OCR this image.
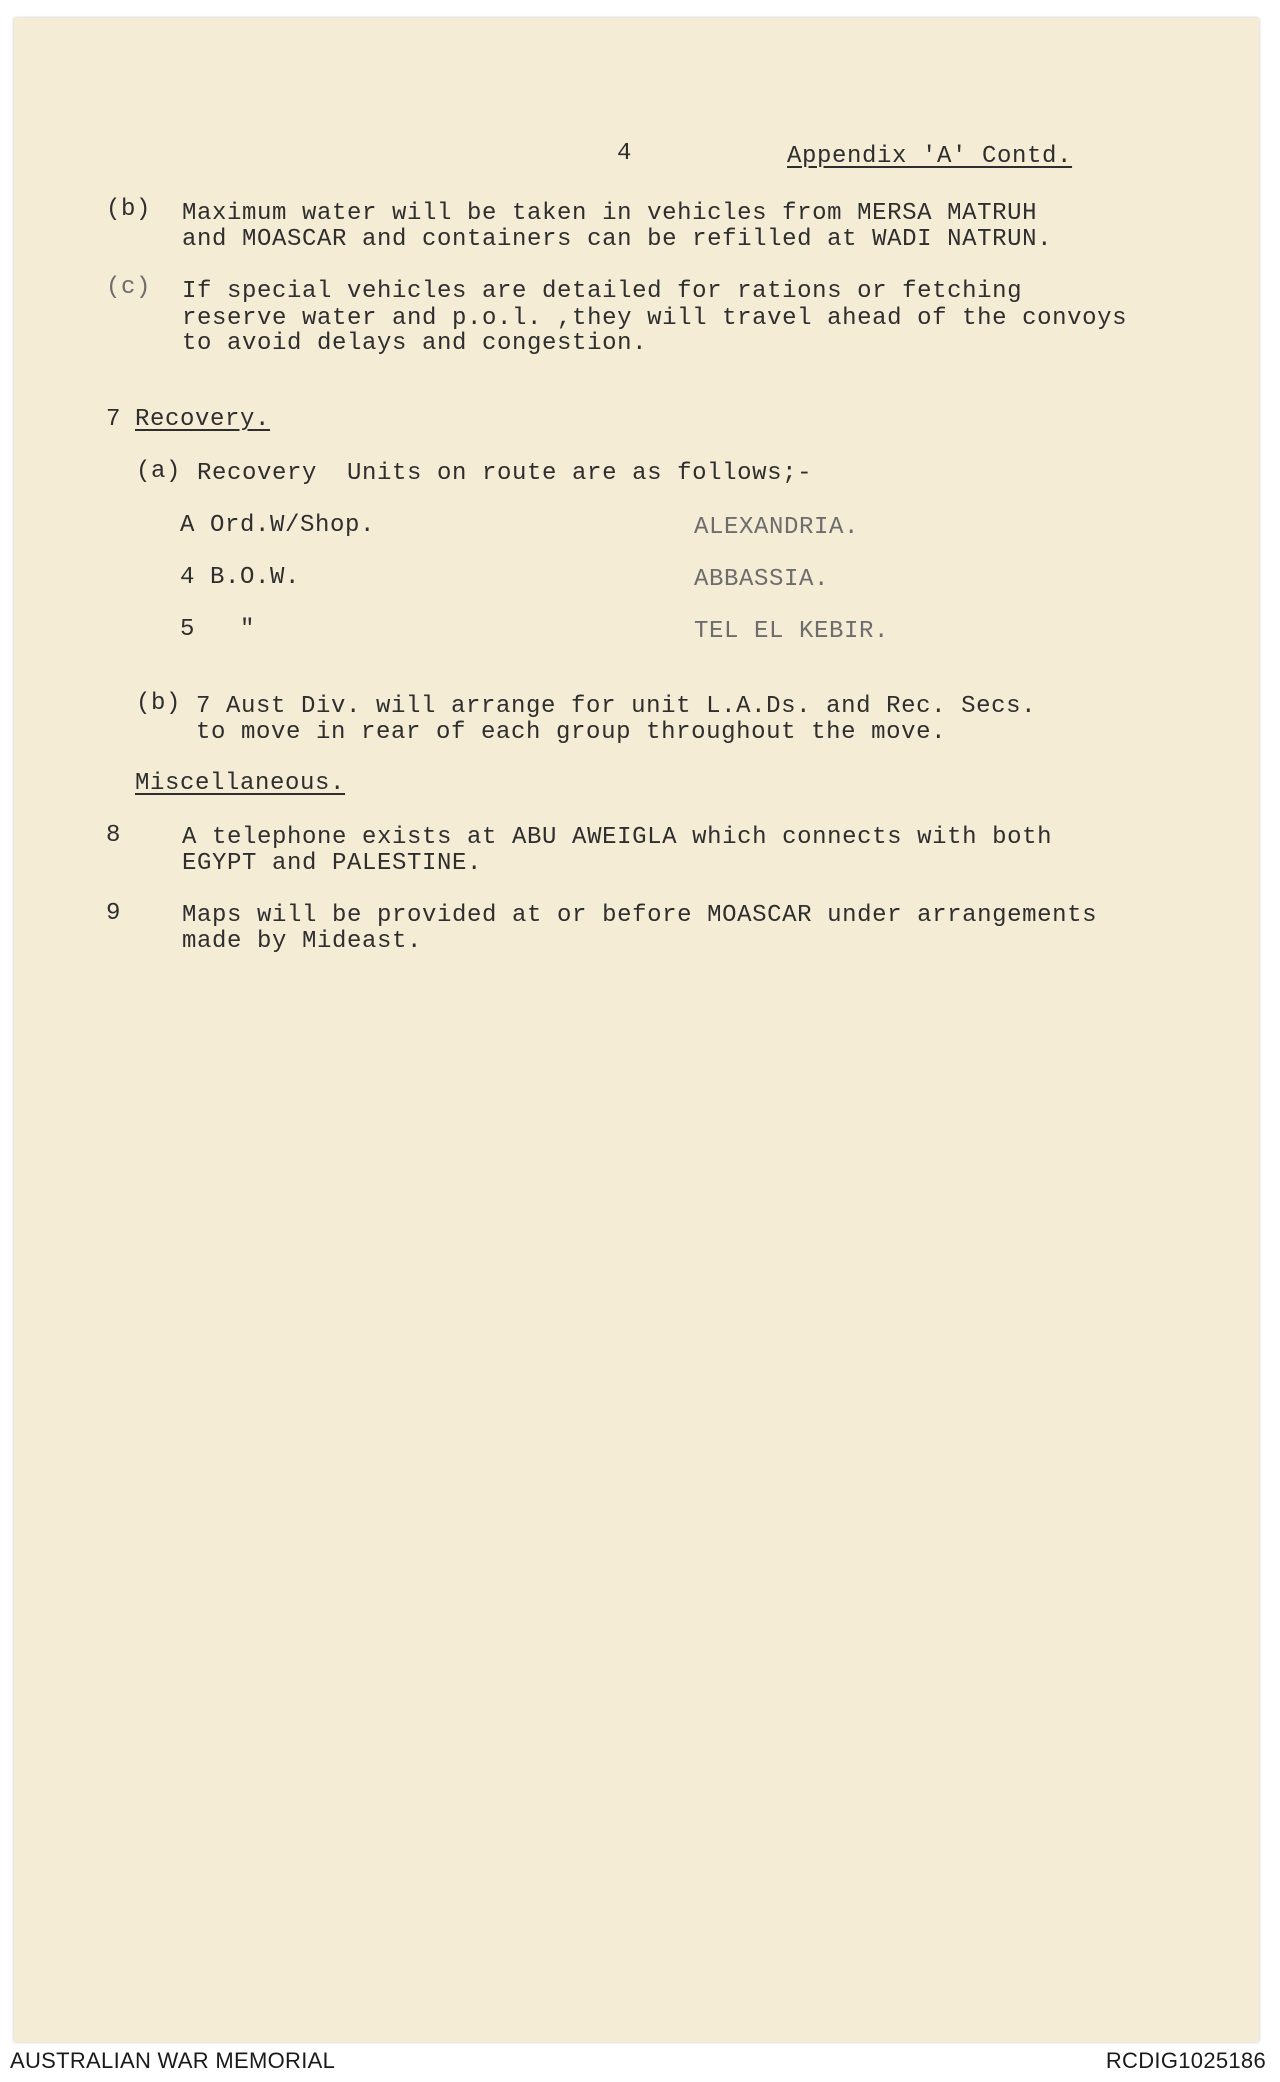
4	Appendix 'A' Contd.
(b) Maximum water will be taken in vehicles from MERSA MATRUH
and MOASCAR and containers can be refilled at WADI NATRUN.
(c) If special vehicles are detailed for rations or fetching
reserve water and p.o.l. ,they will travel ahead of the convoys
to avoid delays and congestion.
7 Recovery.
(a) Recovery  Units on route are as follows;-
A Ord.W/Shop.	ALEXANDRIA.
4 B.O.W.	ABBASSIA.
5   "	TEL EL KEBIR.
(b) 7 Aust Div. will arrange for unit L.A.Ds. and Rec. Secs.
to move in rear of each group throughout the move.
Miscellaneous.
8	A telephone exists at ABU AWEIGLA which connects with both
EGYPT and PALESTINE.
9	Maps will be provided at or before MOASCAR under arrangements
made by Mideast.
AUSTRALIAN WAR MEMORIAL	RCDIG1025186
